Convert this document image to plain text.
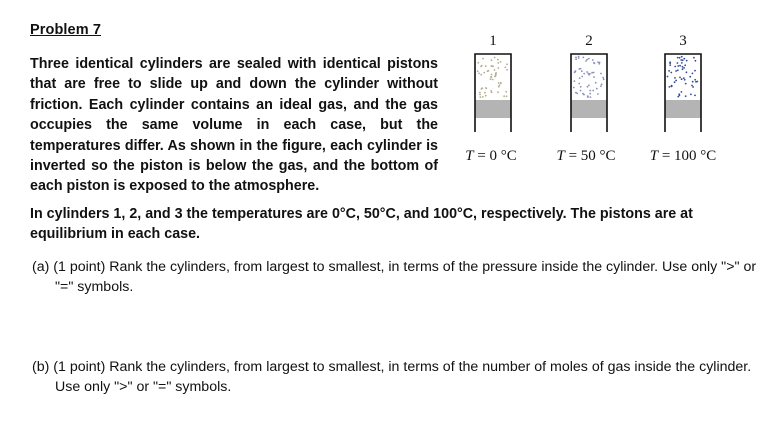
Problem 7
Three identical cylinders are sealed with identical pistons that are free to slide up and down the cylinder without friction. Each cylinder contains an ideal gas, and the gas occupies the same volume in each case, but the temperatures differ. As shown in the figure, each cylinder is inverted so the piston is below the gas, and the bottom of each piston is exposed to the atmosphere.
1
T = 0 °C
2
T = 50 °C
3
T = 100 °C
In cylinders 1, 2, and 3 the temperatures are 0°C, 50°C, and 100°C, respectively. The pistons are at equilibrium in each case.
(a) (1 point) Rank the cylinders, from largest to smallest, in terms of the pressure inside the cylinder. Use only ">" or "=" symbols.
(b) (1 point) Rank the cylinders, from largest to smallest, in terms of the number of moles of gas inside the cylinder. Use only ">" or "=" symbols.
